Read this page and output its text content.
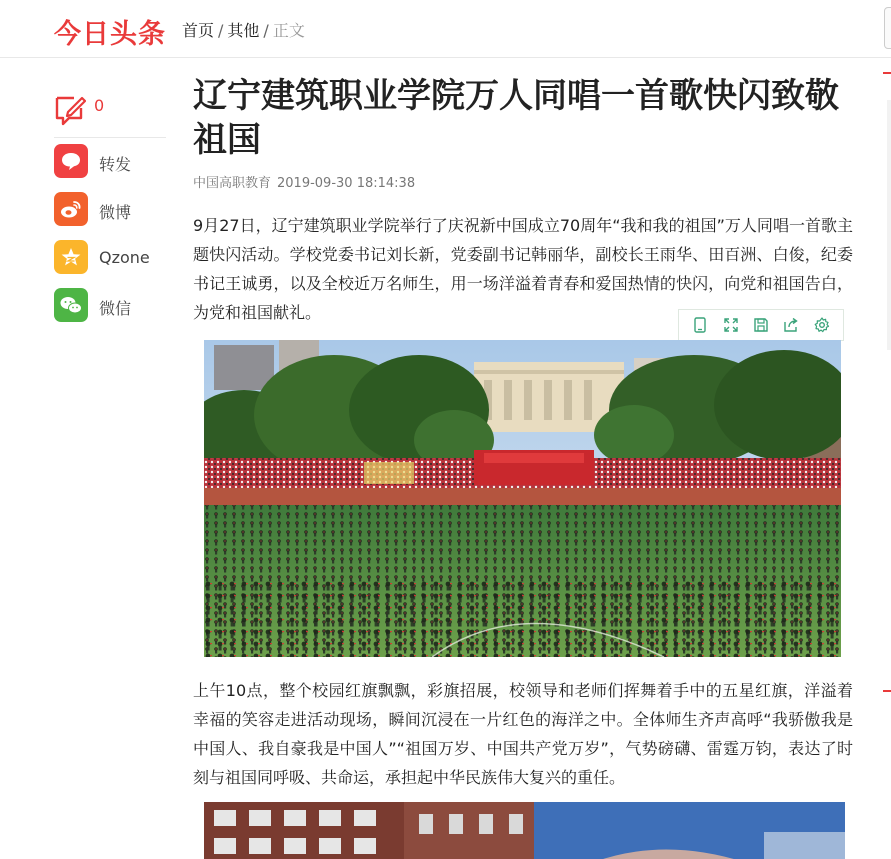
今日头条 首页 / 其他 / 正文
0
转发
微博
Qzone
微信
辽宁建筑职业学院万人同唱一首歌快闪致敬祖国
中国高职教育 2019-09-30 18:14:38

9月27日，辽宁建筑职业学院举行了庆祝新中国成立70周年“我和我的祖国”万人同唱一首歌主题快闪活动。学校党委书记刘长新，党委副书记韩丽华，副校长王雨华、田百洲、白俊，纪委书记王诚勇，以及全校近万名师生，用一场洋溢着青春和爱国热情的快闪，向党和祖国告白，为党和祖国献礼。

上午10点，整个校园红旗飘飘，彩旗招展，校领导和老师们挥舞着手中的五星红旗，洋溢着幸福的笑容走进活动现场，瞬间沉浸在一片红色的海洋之中。全体师生齐声高呼“我骄傲我是中国人、我自豪我是中国人”“祖国万岁、中国共产党万岁”，气势磅礴、雷霆万钧，表达了时刻与祖国同呼吸、共命运，承担起中华民族伟大复兴的重任。
